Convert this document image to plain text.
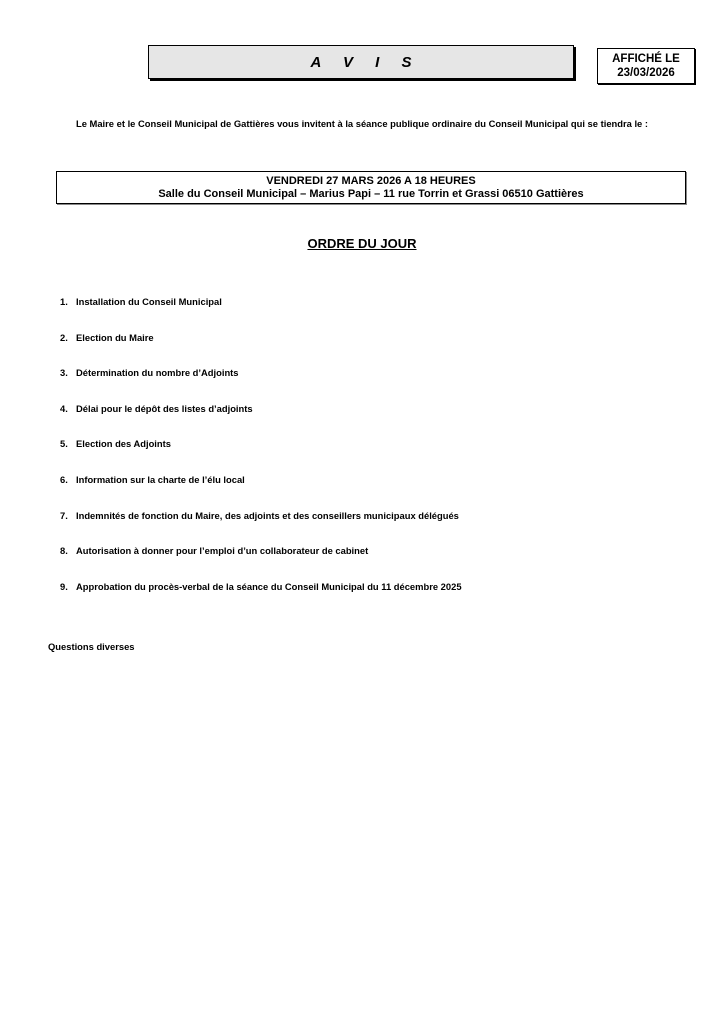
A V I S	AFFICHÉ LE
23/03/2026
Le Maire et le Conseil Municipal de Gattières vous invitent à la séance publique ordinaire du Conseil Municipal qui se tiendra le :
VENDREDI 27 MARS 2026 A 18 HEURES
Salle du Conseil Municipal – Marius Papi – 11 rue Torrin et Grassi 06510 Gattières
ORDRE DU JOUR
1. Installation du Conseil Municipal
2. Election du Maire
3. Détermination du nombre d’Adjoints
4. Délai pour le dépôt des listes d’adjoints
5. Election des Adjoints
6. Information sur la charte de l’élu local
7. Indemnités de fonction du Maire, des adjoints et des conseillers municipaux délégués
8. Autorisation à donner pour l’emploi d’un collaborateur de cabinet
9. Approbation du procès-verbal de la séance du Conseil Municipal du 11 décembre 2025
Questions diverses
